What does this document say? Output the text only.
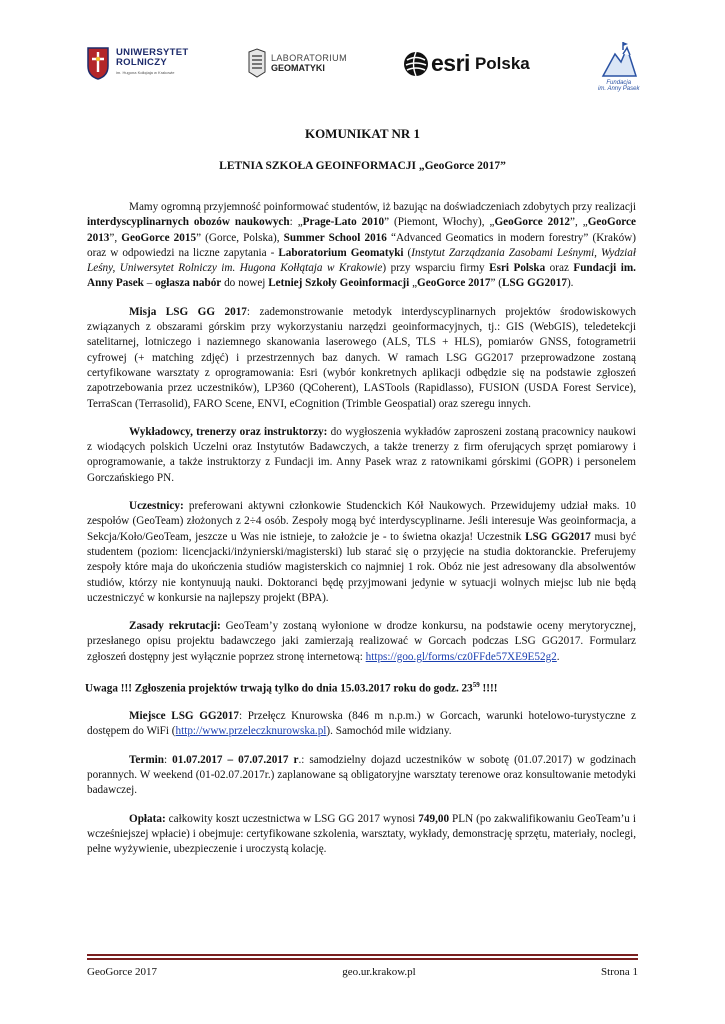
UNIWERSYTET
ROLNICZY
im. Hugona Kołłątaja w Krakowie
LABORATORIUM
GEOMATYKI	esri Polska
Fundacja
im. Anny Pasek
KOMUNIKAT NR 1
LETNIA SZKOŁA GEOINFORMACJI „GeoGorce 2017”

Mamy ogromną przyjemność poinformować studentów, iż bazując na doświadczeniach zdobytych przy realizacji interdyscyplinarnych obozów naukowych: „Prage-Lato 2010” (Piemont, Włochy), „GeoGorce 2012”, „GeoGorce 2013”, GeoGorce 2015” (Gorce, Polska), Summer School 2016 “Advanced Geomatics in modern forestry” (Kraków) oraz w odpowiedzi na liczne zapytania - Laboratorium Geomatyki (Instytut Zarządzania Zasobami Leśnymi, Wydział Leśny, Uniwersytet Rolniczy im. Hugona Kołłątaja w Krakowie) przy wsparciu firmy Esri Polska oraz Fundacji im. Anny Pasek – ogłasza nabór do nowej Letniej Szkoły Geoinformacji „GeoGorce 2017” (LSG GG2017).

Misja LSG GG 2017: zademonstrowanie metodyk interdyscyplinarnych projektów środowiskowych związanych z obszarami górskim przy wykorzystaniu narzędzi geoinformacyjnych, tj.: GIS (WebGIS), teledetekcji satelitarnej, lotniczego i naziemnego skanowania laserowego (ALS, TLS + HLS), pomiarów GNSS, fotogrametrii cyfrowej (+ matching zdjęć) i przestrzennych baz danych. W ramach LSG GG2017 przeprowadzone zostaną certyfikowane warsztaty z oprogramowania: Esri (wybór konkretnych aplikacji odbędzie się na podstawie zgłoszeń zapotrzebowania przez uczestników), LP360 (QCoherent), LASTools (Rapidlasso), FUSION (USDA Forest Service), TerraScan (Terrasolid), FARO Scene, ENVI, eCognition (Trimble Geospatial) oraz szeregu innych.

Wykładowcy, trenerzy oraz instruktorzy: do wygłoszenia wykładów zaproszeni zostaną pracownicy naukowi z wiodących polskich Uczelni oraz Instytutów Badawczych, a także trenerzy z firm oferujących sprzęt pomiarowy i oprogramowanie, a także instruktorzy z Fundacji im. Anny Pasek wraz z ratownikami górskimi (GOPR) i personelem Gorczańskiego PN.

Uczestnicy: preferowani aktywni członkowie Studenckich Kół Naukowych. Przewidujemy udział maks. 10 zespołów (GeoTeam) złożonych z 2÷4 osób. Zespoły mogą być interdyscyplinarne. Jeśli interesuje Was geoinformacja, a Sekcja/Koło/GeoTeam, jeszcze u Was nie istnieje, to założcie je - to świetna okazja! Uczestnik LSG GG2017 musi być studentem (poziom: licencjacki/inżynierski/magisterski) lub starać się o przyjęcie na studia doktoranckie. Preferujemy zespoły które maja do ukończenia studiów magisterskich co najmniej 1 rok. Obóz nie jest adresowany dla absolwentów studiów, którzy nie kontynuują nauki. Doktoranci będę przyjmowani jedynie w sytuacji wolnych miejsc lub nie będą uczestniczyć w konkursie na najlepszy projekt (BPA).

Zasady rekrutacji: GeoTeam’y zostaną wyłonione w drodze konkursu, na podstawie oceny merytorycznej, przesłanego opisu projektu badawczego jaki zamierzają realizować w Gorcach podczas LSG GG2017. Formularz zgłoszeń dostępny jest wyłącznie poprzez stronę internetową: https://goo.gl/forms/cz0FFde57XE9E52g2.

Uwaga !!! Zgłoszenia projektów trwają tylko do dnia 15.03.2017 roku do godz. $23^{59}$ !!!!

Miejsce LSG GG2017: Przełęcz Knurowska (846 m n.p.m.) w Gorcach, warunki hotelowo-turystyczne z dostępem do WiFi (http://www.przeleczknurowska.pl). Samochód mile widziany.

Termin: 01.07.2017 – 07.07.2017 r.: samodzielny dojazd uczestników w sobotę (01.07.2017) w godzinach porannych. W weekend (01-02.07.2017r.) zaplanowane są obligatoryjne warsztaty terenowe oraz konsultowanie metodyki badawczej.

Opłata: całkowity koszt uczestnictwa w LSG GG 2017 wynosi 749,00 PLN (po zakwalifikowaniu GeoTeam’u i wcześniejszej wpłacie) i obejmuje: certyfikowane szkolenia, warsztaty, wykłady, demonstrację sprzętu, materiały, noclegi, pełne wyżywienie, ubezpieczenie i uroczystą kolację.

GeoGorce 2017	geo.ur.krakow.pl	Strona 1
